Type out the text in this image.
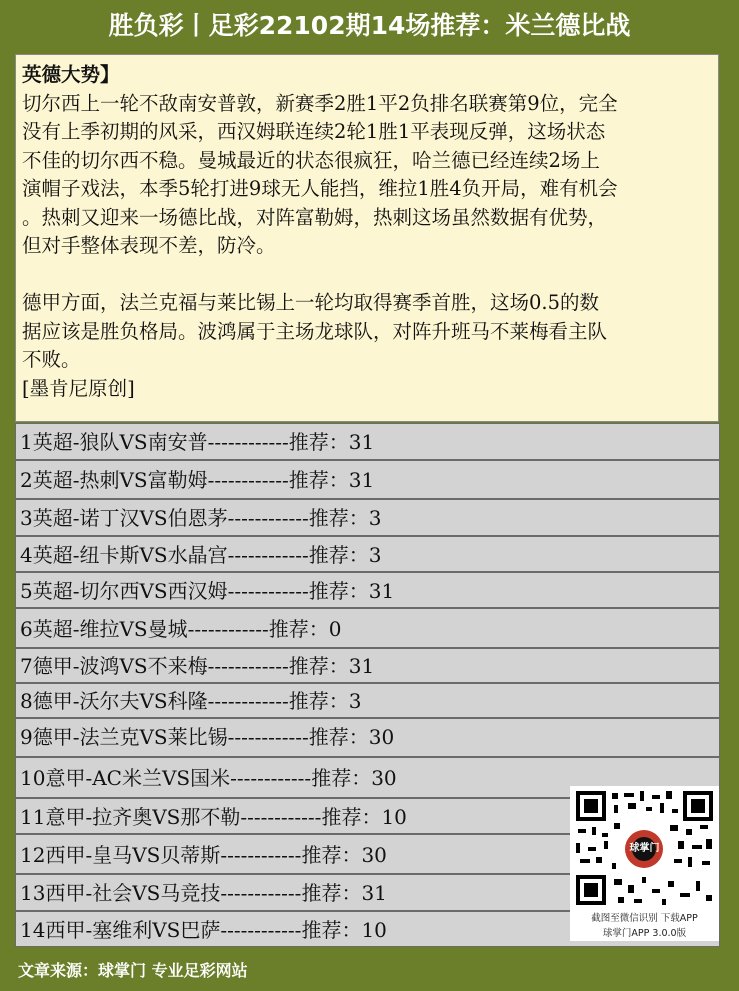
胜负彩丨足彩22102期14场推荐：米兰德比战

英德大势】

切尔西上一轮不敌南安普敦，新赛季2胜1平2负排名联赛第9位，完全

没有上季初期的风采，西汉姆联连续2轮1胜1平表现反弹，这场状态

不佳的切尔西不稳。曼城最近的状态很疯狂，哈兰德已经连续2场上

演帽子戏法，本季5轮打进9球无人能挡，维拉1胜4负开局，难有机会

。热刺又迎来一场德比战，对阵富勒姆，热刺这场虽然数据有优势，

但对手整体表现不差，防冷。

德甲方面，法兰克福与莱比锡上一轮均取得赛季首胜，这场0.5的数

据应该是胜负格局。波鸿属于主场龙球队，对阵升班马不莱梅看主队

不败。

[墨肯尼原创]

1英超-狼队VS南安普------------推荐：31
2英超-热刺VS富勒姆------------推荐：31
3英超-诺丁汉VS伯恩茅------------推荐：3
4英超-纽卡斯VS水晶宫------------推荐：3
5英超-切尔西VS西汉姆------------推荐：31
6英超-维拉VS曼城------------推荐：0
7德甲-波鸿VS不来梅------------推荐：31
8德甲-沃尔夫VS科隆------------推荐：3
9德甲-法兰克VS莱比锡------------推荐：30
10意甲-AC米兰VS国米------------推荐：30
11意甲-拉齐奥VS那不勒------------推荐：10
12西甲-皇马VS贝蒂斯------------推荐：30
13西甲-社会VS马竞技------------推荐：31
14西甲-塞维利VS巴萨------------推荐：10
球掌门
截图至微信识别 下载APP
球掌门APP 3.0.0版
文章来源：球掌门 专业足彩网站
